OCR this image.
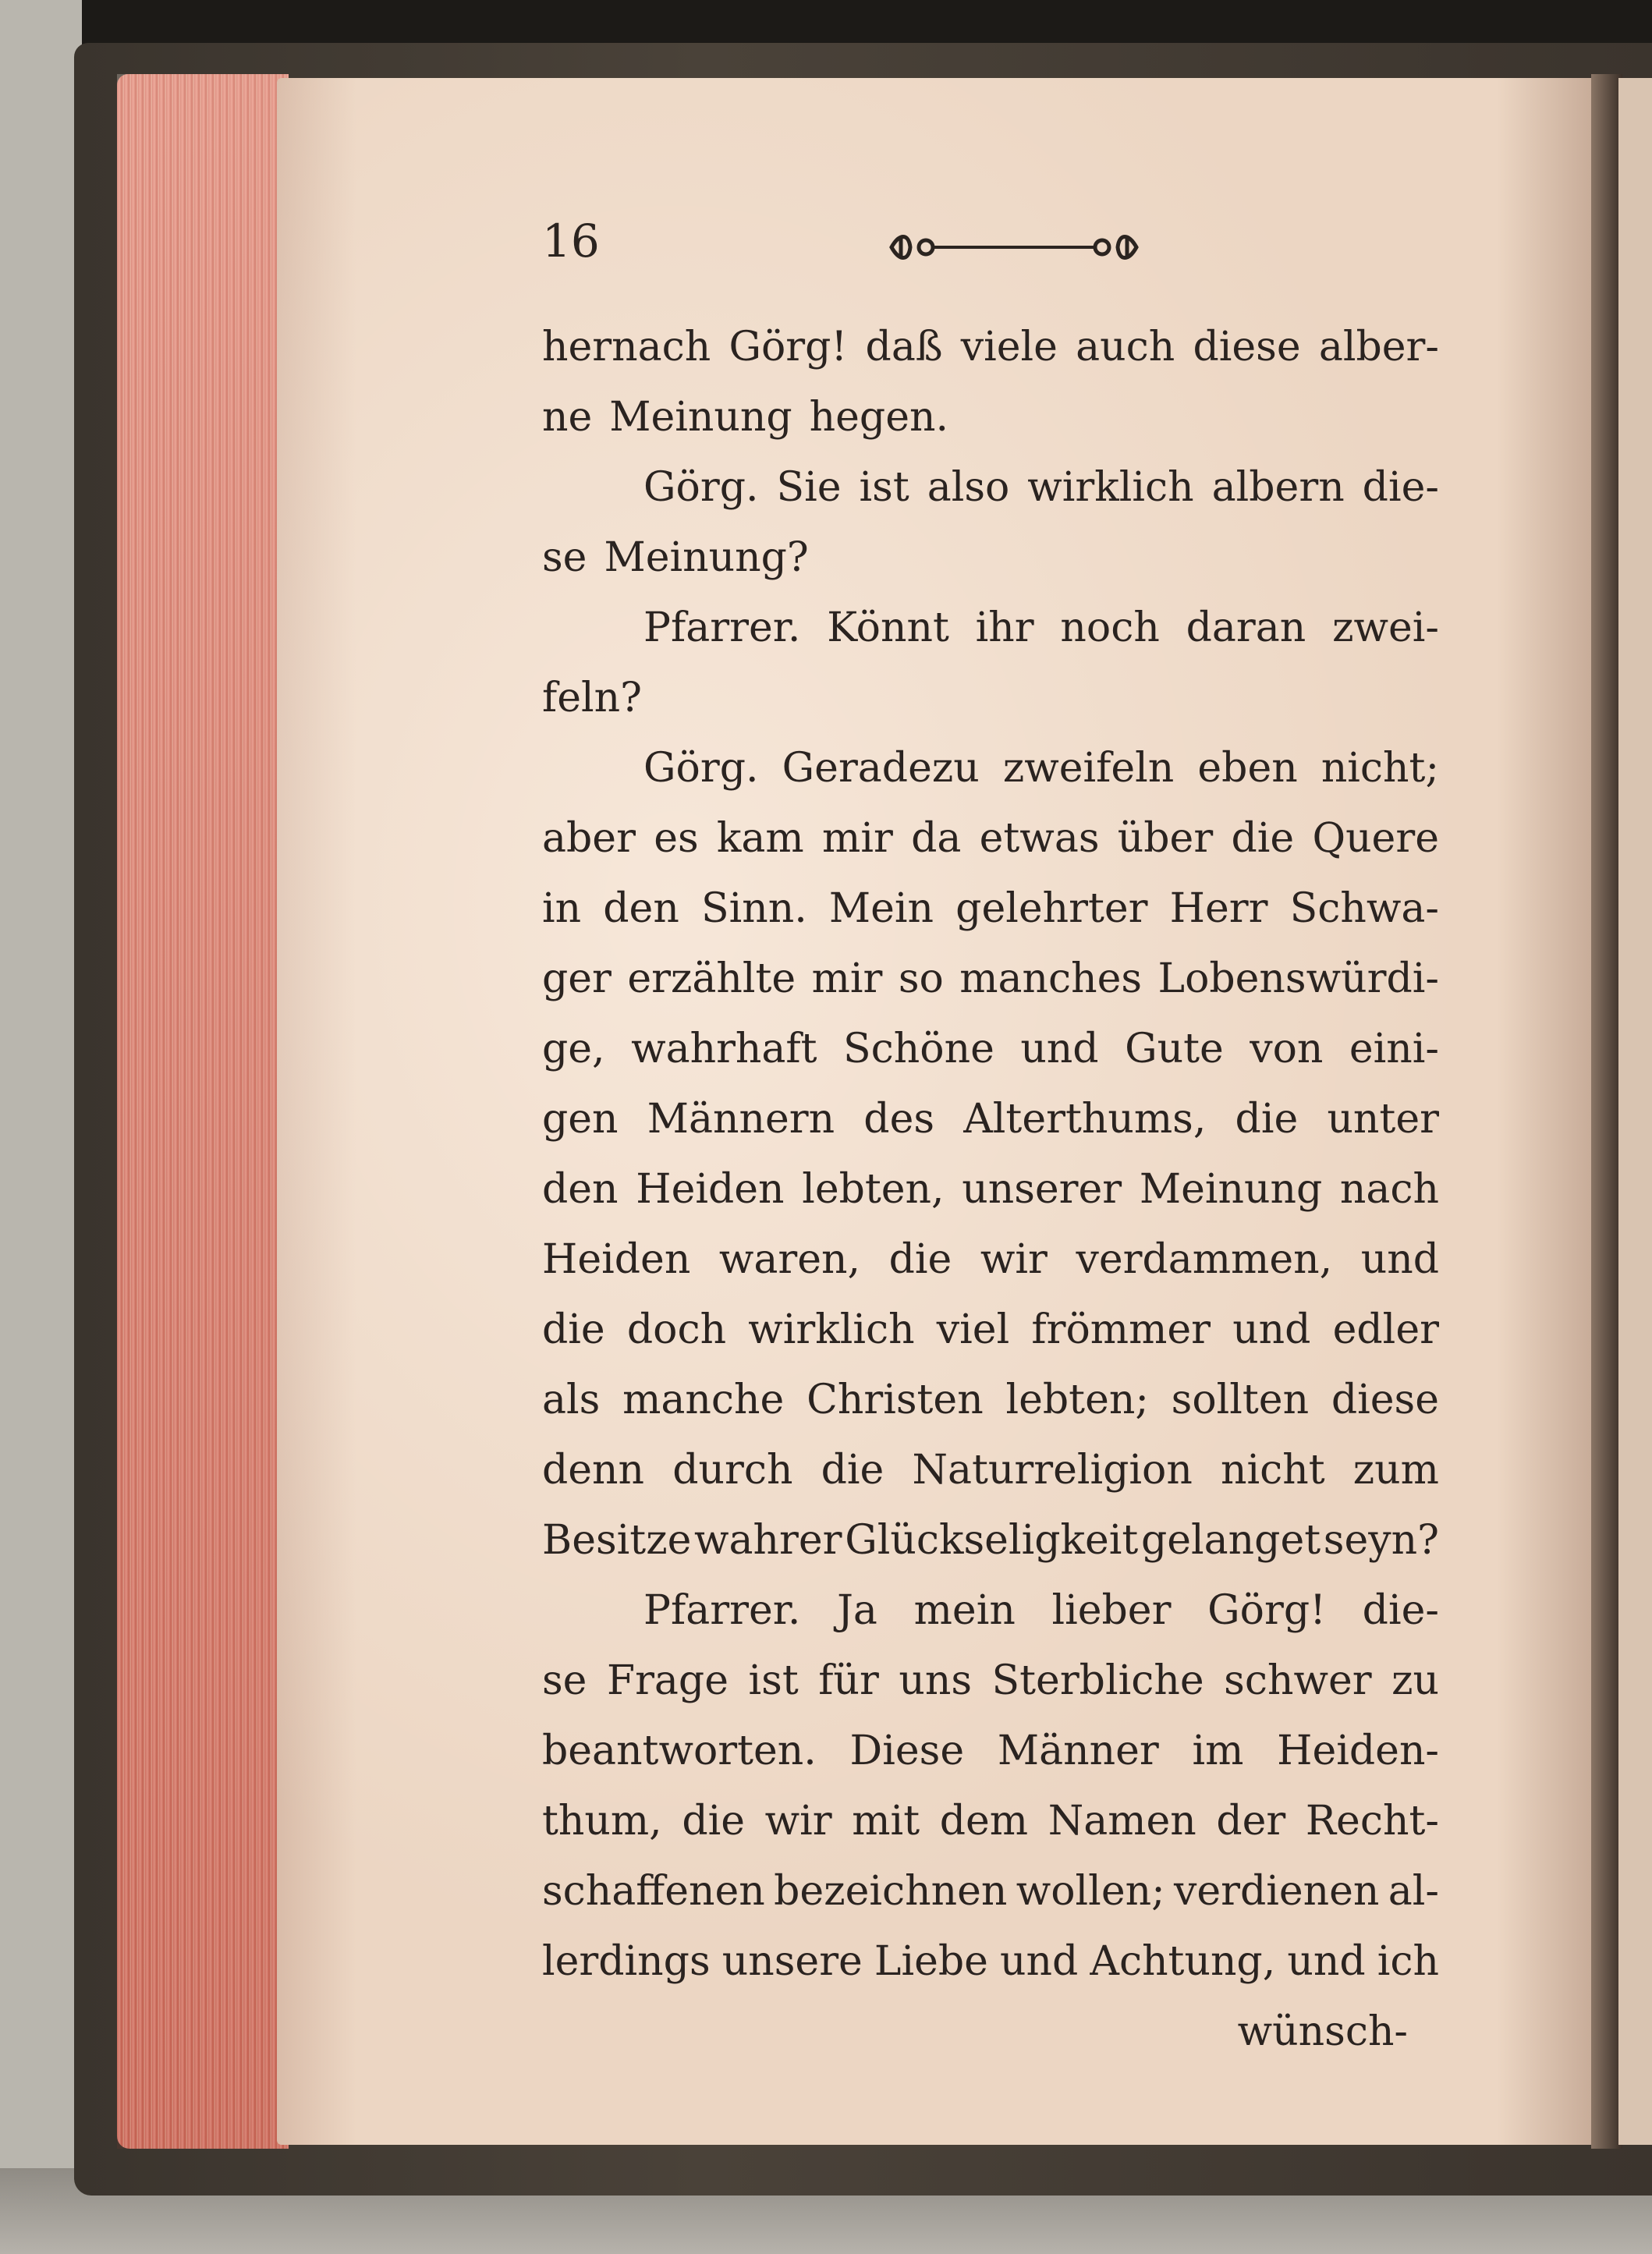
16
hernach Görg! daß viele auch diese alber-
ne Meinung hegen.
Görg. Sie ist also wirklich albern die-
se Meinung?
Pfarrer. Könnt ihr noch daran zwei-
feln?
Görg. Geradezu zweifeln eben nicht;
aber es kam mir da etwas über die Quere
in den Sinn. Mein gelehrter Herr Schwa-
ger erzählte mir so manches Lobenswürdi-
ge, wahrhaft Schöne und Gute von eini-
gen Männern des Alterthums, die unter
den Heiden lebten, unserer Meinung nach
Heiden waren, die wir verdammen, und
die doch wirklich viel frömmer und edler
als manche Christen lebten; sollten diese
denn durch die Naturreligion nicht zum
Besitze wahrer Glückseligkeit gelanget seyn?
Pfarrer. Ja mein lieber Görg! die-
se Frage ist für uns Sterbliche schwer zu
beantworten. Diese Männer im Heiden-
thum, die wir mit dem Namen der Recht-
schaffenen bezeichnen wollen; verdienen al-
lerdings unsere Liebe und Achtung, und ich
wünsch-
